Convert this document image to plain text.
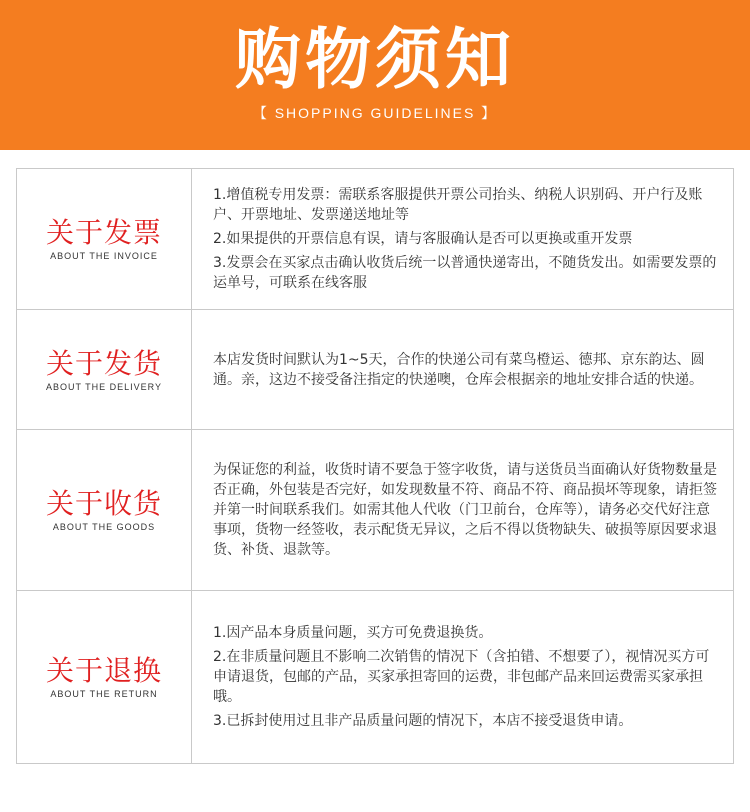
购物须知
【 SHOPPING GUIDELINES 】
关于发票
ABOUT THE INVOICE

1.增值税专用发票：需联系客服提供开票公司抬头、纳税人识别码、开户行及账户、开票地址、发票递送地址等

2.如果提供的开票信息有误，请与客服确认是否可以更换或重开发票

3.发票会在买家点击确认收货后统一以普通快递寄出，不随货发出。如需要发票的运单号，可联系在线客服

关于发货
ABOUT THE DELIVERY

本店发货时间默认为1~5天，合作的快递公司有菜鸟橙运、德邦、京东韵达、圆通。亲，这边不接受备注指定的快递噢，仓库会根据亲的地址安排合适的快递。

关于收货
ABOUT THE GOODS

为保证您的利益，收货时请不要急于签字收货，请与送货员当面确认好货物数量是否正确，外包装是否完好，如发现数量不符、商品不符、商品损坏等现象，请拒签并第一时间联系我们。如需其他人代收（门卫前台，仓库等），请务必交代好注意事项，货物一经签收，表示配货无异议，之后不得以货物缺失、破损等原因要求退货、补货、退款等。

关于退换
ABOUT THE RETURN

1.因产品本身质量问题，买方可免费退换货。

2.在非质量问题且不影响二次销售的情况下（含拍错、不想要了），视情况买方可申请退货，包邮的产品，买家承担寄回的运费，非包邮产品来回运费需买家承担哦。

3.已拆封使用过且非产品质量问题的情况下，本店不接受退货申请。
